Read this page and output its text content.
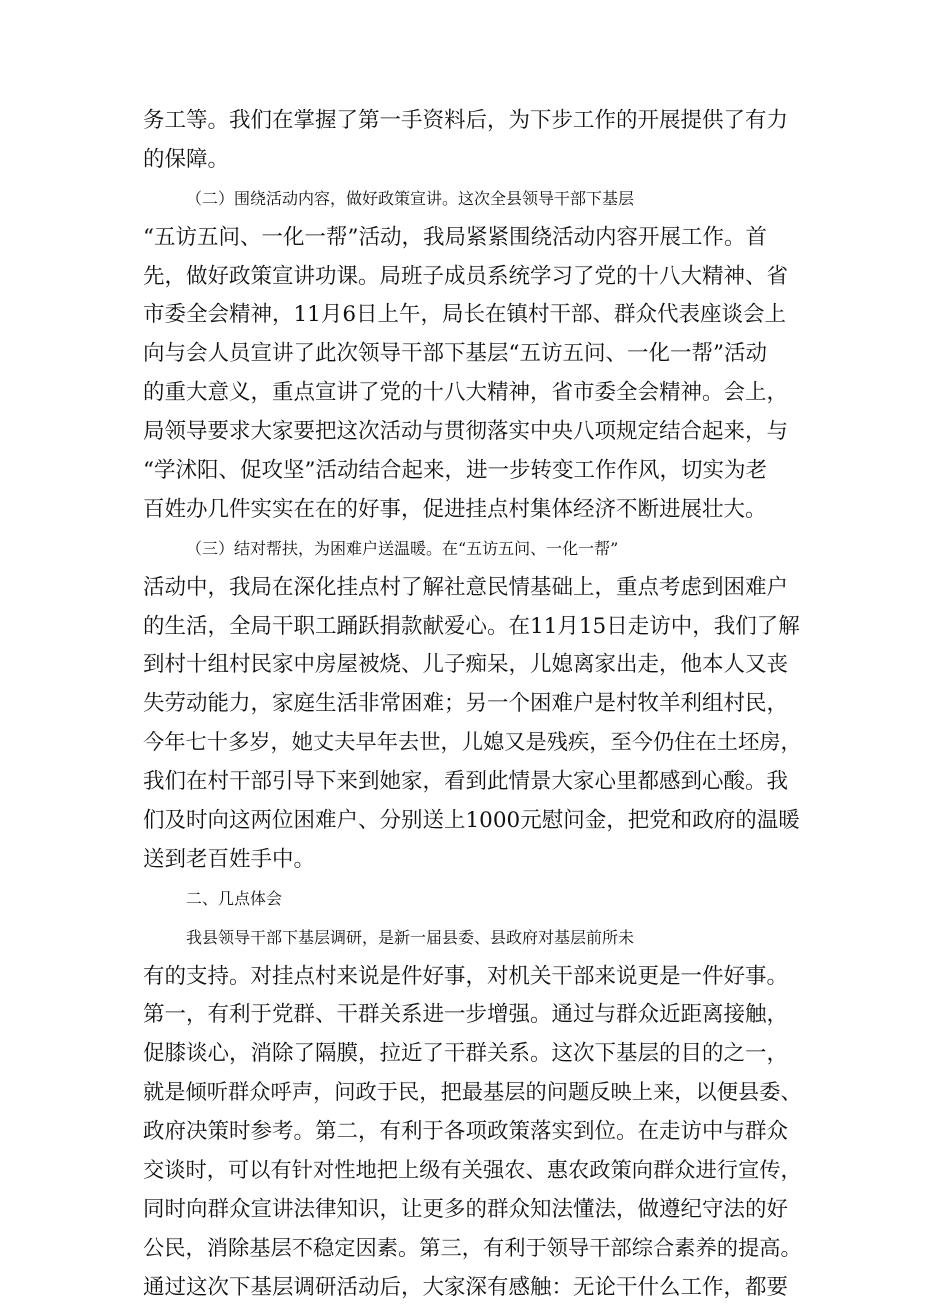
务工等。我们在掌握了第一手资料后，为下步工作的开展提供了有力
的保障。
（二）围绕活动内容，做好政策宣讲。这次全县领导干部下基层
“五访五问、一化一帮”活动，我局紧紧围绕活动内容开展工作。首
先，做好政策宣讲功课。局班子成员系统学习了党的十八大精神、省
市委全会精神，11月6日上午，局长在镇村干部、群众代表座谈会上
向与会人员宣讲了此次领导干部下基层“五访五问、一化一帮”活动
的重大意义，重点宣讲了党的十八大精神，省市委全会精神。会上，
局领导要求大家要把这次活动与贯彻落实中央八项规定结合起来，与
“学沭阳、促攻坚”活动结合起来，进一步转变工作作风，切实为老
百姓办几件实实在在的好事，促进挂点村集体经济不断进展壮大。
（三）结对帮扶，为困难户送温暖。在“五访五问、一化一帮”
活动中，我局在深化挂点村了解社意民情基础上，重点考虑到困难户
的生活，全局干职工踊跃捐款献爱心。在11月15日走访中，我们了解
到村十组村民家中房屋被烧、儿子痴呆，儿媳离家出走，他本人又丧
失劳动能力，家庭生活非常困难；另一个困难户是村牧羊利组村民，
今年七十多岁，她丈夫早年去世，儿媳又是残疾，至今仍住在土坯房，
我们在村干部引导下来到她家，看到此情景大家心里都感到心酸。我
们及时向这两位困难户、分别送上1000元慰问金，把党和政府的温暖
送到老百姓手中。
二、几点体会
我县领导干部下基层调研，是新一届县委、县政府对基层前所未
有的支持。对挂点村来说是件好事，对机关干部来说更是一件好事。
第一，有利于党群、干群关系进一步增强。通过与群众近距离接触，
促膝谈心，消除了隔膜，拉近了干群关系。这次下基层的目的之一，
就是倾听群众呼声，问政于民，把最基层的问题反映上来，以便县委、
政府决策时参考。第二，有利于各项政策落实到位。在走访中与群众
交谈时，可以有针对性地把上级有关强农、惠农政策向群众进行宣传，
同时向群众宣讲法律知识，让更多的群众知法懂法，做遵纪守法的好
公民，消除基层不稳定因素。第三，有利于领导干部综合素养的提高。
通过这次下基层调研活动后，大家深有感触：无论干什么工作，都要
